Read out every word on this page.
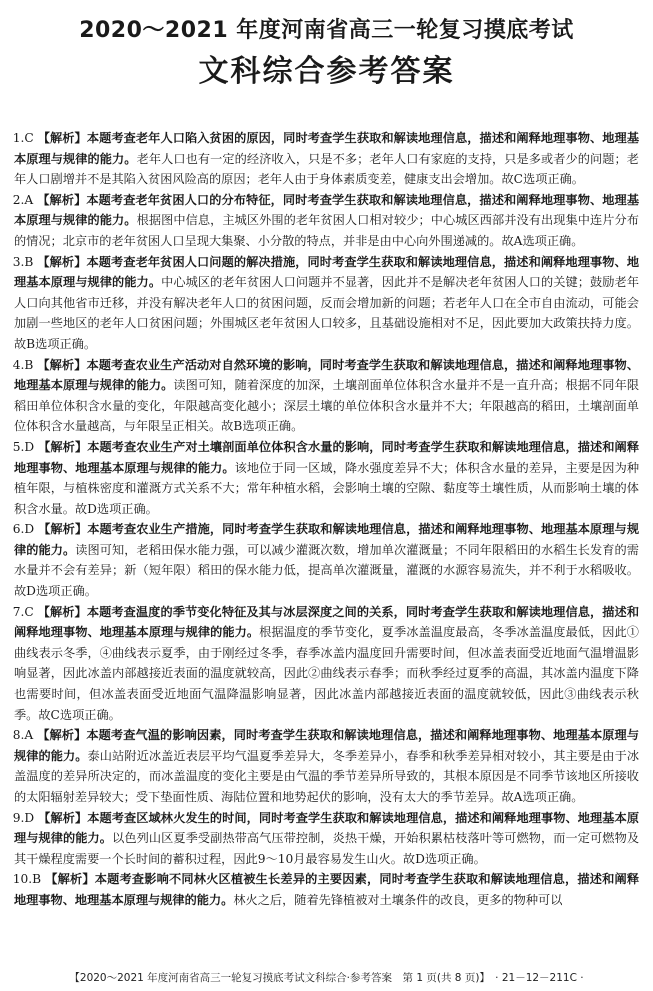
2020～2021 年度河南省高三一轮复习摸底考试

文科综合参考答案

1.C 【解析】本题考查老年人口陷入贫困的原因，同时考查学生获取和解读地理信息，描述和阐释地理事物、地理基本原理与规律的能力。老年人口也有一定的经济收入，只是不多；老年人口有家庭的支持，只是多或者少的问题；老年人口剧增并不是其陷入贫困风险高的原因；老年人由于身体素质变差，健康支出会增加。故C选项正确。

2.A 【解析】本题考查老年贫困人口的分布特征，同时考查学生获取和解读地理信息，描述和阐释地理事物、地理基本原理与规律的能力。根据图中信息，主城区外围的老年贫困人口相对较少；中心城区西部并没有出现集中连片分布的情况；北京市的老年贫困人口呈现大集聚、小分散的特点，并非是由中心向外围递减的。故A选项正确。

3.B 【解析】本题考查老年贫困人口问题的解决措施，同时考查学生获取和解读地理信息，描述和阐释地理事物、地理基本原理与规律的能力。中心城区的老年贫困人口问题并不显著，因此并不是解决老年贫困人口的关键；鼓励老年人口向其他省市迁移，并没有解决老年人口的贫困问题，反而会增加新的问题；若老年人口在全市自由流动，可能会加剧一些地区的老年人口贫困问题；外围城区老年贫困人口较多，且基础设施相对不足，因此要加大政策扶持力度。故B选项正确。

4.B 【解析】本题考查农业生产活动对自然环境的影响，同时考查学生获取和解读地理信息，描述和阐释地理事物、地理基本原理与规律的能力。读图可知，随着深度的加深，土壤剖面单位体积含水量并不是一直升高；根据不同年限稻田单位体积含水量的变化，年限越高变化越小；深层土壤的单位体积含水量并不大；年限越高的稻田，土壤剖面单位体积含水量越高，与年限呈正相关。故B选项正确。

5.D 【解析】本题考查农业生产对土壤剖面单位体积含水量的影响，同时考查学生获取和解读地理信息，描述和阐释地理事物、地理基本原理与规律的能力。该地位于同一区域，降水强度差异不大；体积含水量的差异，主要是因为种植年限，与植株密度和灌溉方式关系不大；常年种植水稻，会影响土壤的空隙、黏度等土壤性质，从而影响土壤的体积含水量。故D选项正确。

6.D 【解析】本题考查农业生产措施，同时考查学生获取和解读地理信息，描述和阐释地理事物、地理基本原理与规律的能力。读图可知，老稻田保水能力强，可以减少灌溉次数，增加单次灌溉量；不同年限稻田的水稻生长发育的需水量并不会有差异；新（短年限）稻田的保水能力低，提高单次灌溉量，灌溉的水源容易流失，并不利于水稻吸收。故D选项正确。

7.C 【解析】本题考查温度的季节变化特征及其与冰层深度之间的关系，同时考查学生获取和解读地理信息，描述和阐释地理事物、地理基本原理与规律的能力。根据温度的季节变化，夏季冰盖温度最高，冬季冰盖温度最低，因此①曲线表示冬季，④曲线表示夏季，由于刚经过冬季，春季冰盖内温度回升需要时间，但冰盖表面受近地面气温增温影响显著，因此冰盖内部越接近表面的温度就较高，因此②曲线表示春季；而秋季经过夏季的高温，其冰盖内温度下降也需要时间，但冰盖表面受近地面气温降温影响显著，因此冰盖内部越接近表面的温度就较低，因此③曲线表示秋季。故C选项正确。

8.A 【解析】本题考查气温的影响因素，同时考查学生获取和解读地理信息，描述和阐释地理事物、地理基本原理与规律的能力。泰山站附近冰盖近表层平均气温夏季差异大，冬季差异小，春季和秋季差异相对较小，其主要是由于冰盖温度的差异所决定的，而冰盖温度的变化主要是由气温的季节差异所导致的，其根本原因是不同季节该地区所接收的太阳辐射差异较大；受下垫面性质、海陆位置和地势起伏的影响，没有太大的季节差异。故A选项正确。

9.D 【解析】本题考查区域林火发生的时间，同时考查学生获取和解读地理信息，描述和阐释地理事物、地理基本原理与规律的能力。以色列山区夏季受副热带高气压带控制，炎热干燥，开始积累枯枝落叶等可燃物，而一定可燃物及其干燥程度需要一个长时间的蓄积过程，因此9～10月最容易发生山火。故D选项正确。

10.B 【解析】本题考查影响不同林火区植被生长差异的主要因素，同时考查学生获取和解读地理信息，描述和阐释地理事物、地理基本原理与规律的能力。林火之后，随着先锋植被对土壤条件的改良，更多的物种可以

【2020～2021 年度河南省高三一轮复习摸底考试文科综合·参考答案　第 1 页(共 8 页)】　· 21－12－211C ·
